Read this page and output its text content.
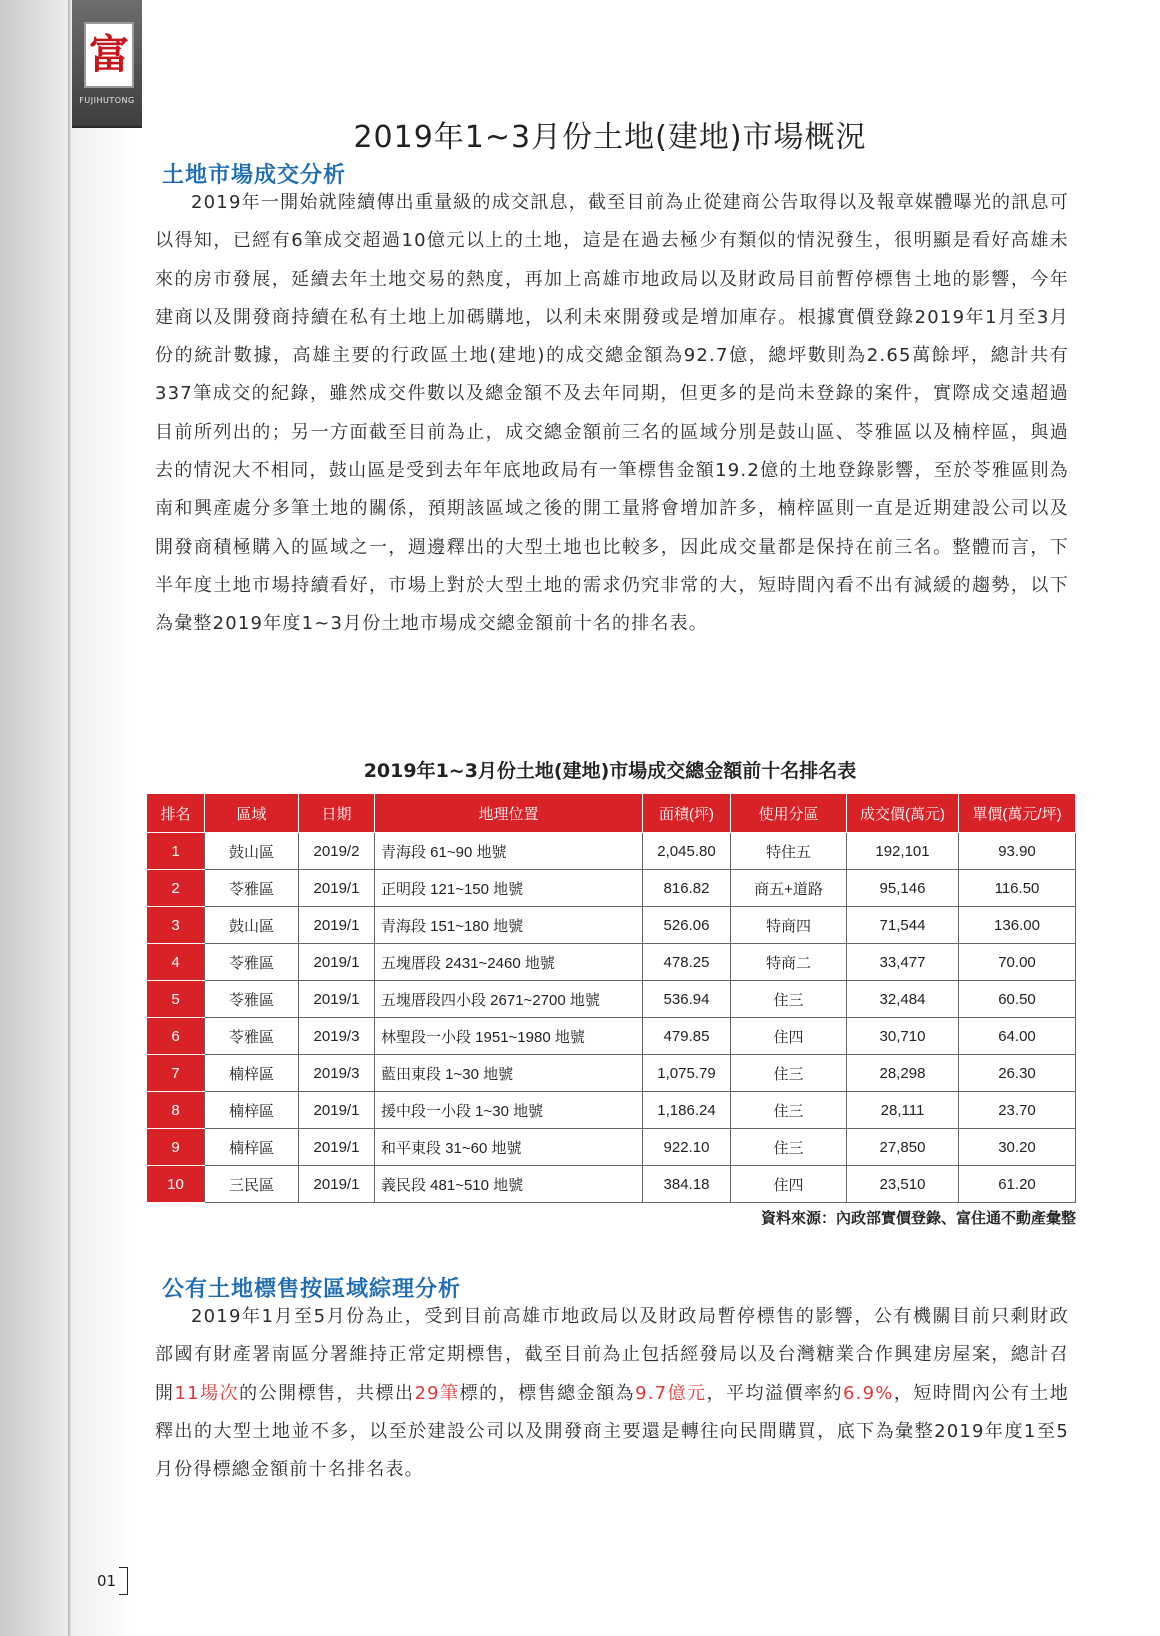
富
FUJIHUTONG
2019年1~3月份土地(建地)市場概況
土地市場成交分析

2019年一開始就陸續傳出重量級的成交訊息，截至目前為止從建商公告取得以及報章媒體曝光的訊息可以得知，已經有6筆成交超過10億元以上的土地，這是在過去極少有類似的情況發生，很明顯是看好高雄未來的房市發展，延續去年土地交易的熱度，再加上高雄市地政局以及財政局目前暫停標售土地的影響，今年建商以及開發商持續在私有土地上加碼購地，以利未來開發或是增加庫存。根據實價登錄2019年1月至3月份的統計數據，高雄主要的行政區土地(建地)的成交總金額為92.7億，總坪數則為2.65萬餘坪，總計共有337筆成交的紀錄，雖然成交件數以及總金額不及去年同期，但更多的是尚未登錄的案件，實際成交遠超過目前所列出的；另一方面截至目前為止，成交總金額前三名的區域分別是鼓山區、苓雅區以及楠梓區，與過去的情況大不相同，鼓山區是受到去年年底地政局有一筆標售金額19.2億的土地登錄影響，至於苓雅區則為南和興產處分多筆土地的關係，預期該區域之後的開工量將會增加許多，楠梓區則一直是近期建設公司以及開發商積極購入的區域之一，週邊釋出的大型土地也比較多，因此成交量都是保持在前三名。整體而言，下半年度土地市場持續看好，市場上對於大型土地的需求仍究非常的大，短時間內看不出有減緩的趨勢，以下為彙整2019年度1~3月份土地市場成交總金額前十名的排名表。

2019年1~3月份土地(建地)市場成交總金額前十名排名表
排名	區域	日期	地理位置	面積(坪)	使用分區	成交價(萬元)	單價(萬元/坪)
1	鼓山區	2019/2	青海段 61~90 地號	2,045.80	特住五	192,101	93.90
2	苓雅區	2019/1	正明段 121~150 地號	816.82	商五+道路	95,146	116.50
3	鼓山區	2019/1	青海段 151~180 地號	526.06	特商四	71,544	136.00
4	苓雅區	2019/1	五塊厝段 2431~2460 地號	478.25	特商二	33,477	70.00
5	苓雅區	2019/1	五塊厝段四小段 2671~2700 地號	536.94	住三	32,484	60.50
6	苓雅區	2019/3	林聖段一小段 1951~1980 地號	479.85	住四	30,710	64.00
7	楠梓區	2019/3	藍田東段 1~30 地號	1,075.79	住三	28,298	26.30
8	楠梓區	2019/1	援中段一小段 1~30 地號	1,186.24	住三	28,111	23.70
9	楠梓區	2019/1	和平東段 31~60 地號	922.10	住三	27,850	30.20
10	三民區	2019/1	義民段 481~510 地號	384.18	住四	23,510	61.20

資料來源：內政部實價登錄、富住通不動產彙整

公有土地標售按區域綜理分析

2019年1月至5月份為止，受到目前高雄市地政局以及財政局暫停標售的影響，公有機關目前只剩財政部國有財產署南區分署維持正常定期標售，截至目前為止包括經發局以及台灣糖業合作興建房屋案，總計召開11場次的公開標售，共標出29筆標的，標售總金額為9.7億元，平均溢價率約6.9%，短時間內公有土地釋出的大型土地並不多，以至於建設公司以及開發商主要還是轉往向民間購買，底下為彙整2019年度1至5月份得標總金額前十名排名表。

01
